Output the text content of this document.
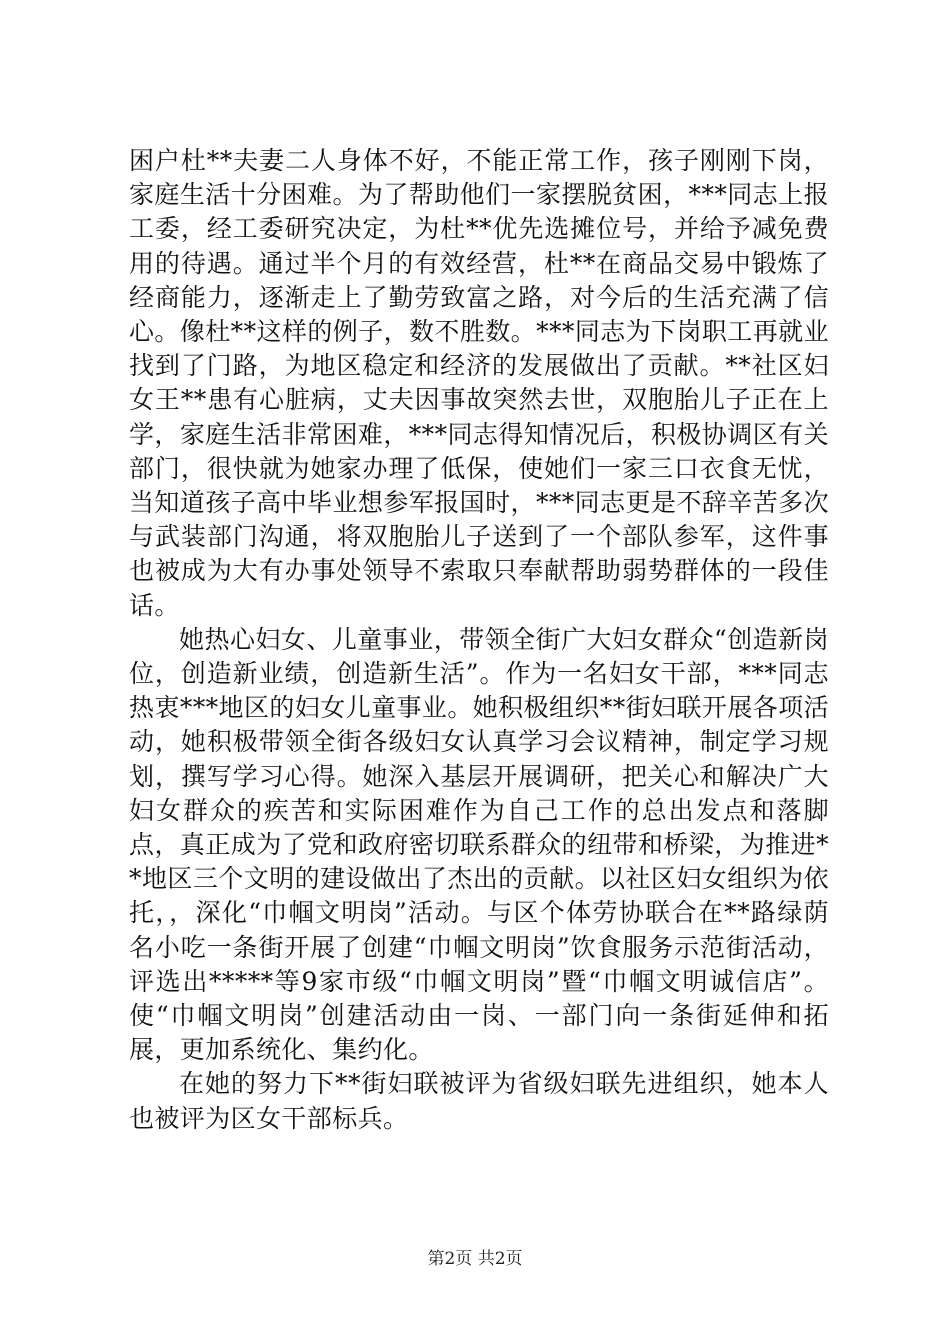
困户杜**夫妻二人身体不好，不能正常工作，孩子刚刚下岗，家庭生活十分困难。为了帮助他们一家摆脱贫困，***同志上报工委，经工委研究决定，为杜**优先选摊位号，并给予减免费用的待遇。通过半个月的有效经营，杜**在商品交易中锻炼了经商能力，逐渐走上了勤劳致富之路，对今后的生活充满了信心。像杜**这样的例子，数不胜数。***同志为下岗职工再就业找到了门路，为地区稳定和经济的发展做出了贡献。**社区妇女王**患有心脏病，丈夫因事故突然去世，双胞胎儿子正在上学，家庭生活非常困难，***同志得知情况后，积极协调区有关部门，很快就为她家办理了低保，使她们一家三口衣食无忧，当知道孩子高中毕业想参军报国时，***同志更是不辞辛苦多次与武装部门沟通，将双胞胎儿子送到了一个部队参军，这件事也被成为大有办事处领导不索取只奉献帮助弱势群体的一段佳话。

她热心妇女、儿童事业，带领全街广大妇女群众“创造新岗位，创造新业绩，创造新生活”。作为一名妇女干部，***同志热衷***地区的妇女儿童事业。她积极组织**街妇联开展各项活动，她积极带领全街各级妇女认真学习会议精神，制定学习规划，撰写学习心得。她深入基层开展调研，把关心和解决广大妇女群众的疾苦和实际困难作为自己工作的总出发点和落脚点，真正成为了党和政府密切联系群众的纽带和桥梁，为推进**地区三个文明的建设做出了杰出的贡献。以社区妇女组织为依托，，深化“巾帼文明岗”活动。与区个体劳协联合在**路绿荫名小吃一条街开展了创建“巾帼文明岗”饮食服务示范街活动，评选出*****等9家市级“巾帼文明岗”暨“巾帼文明诚信店”。使“巾帼文明岗”创建活动由一岗、一部门向一条街延伸和拓展，更加系统化、集约化。

在她的努力下**街妇联被评为省级妇联先进组织，她本人也被评为区女干部标兵。

第2页 共2页
